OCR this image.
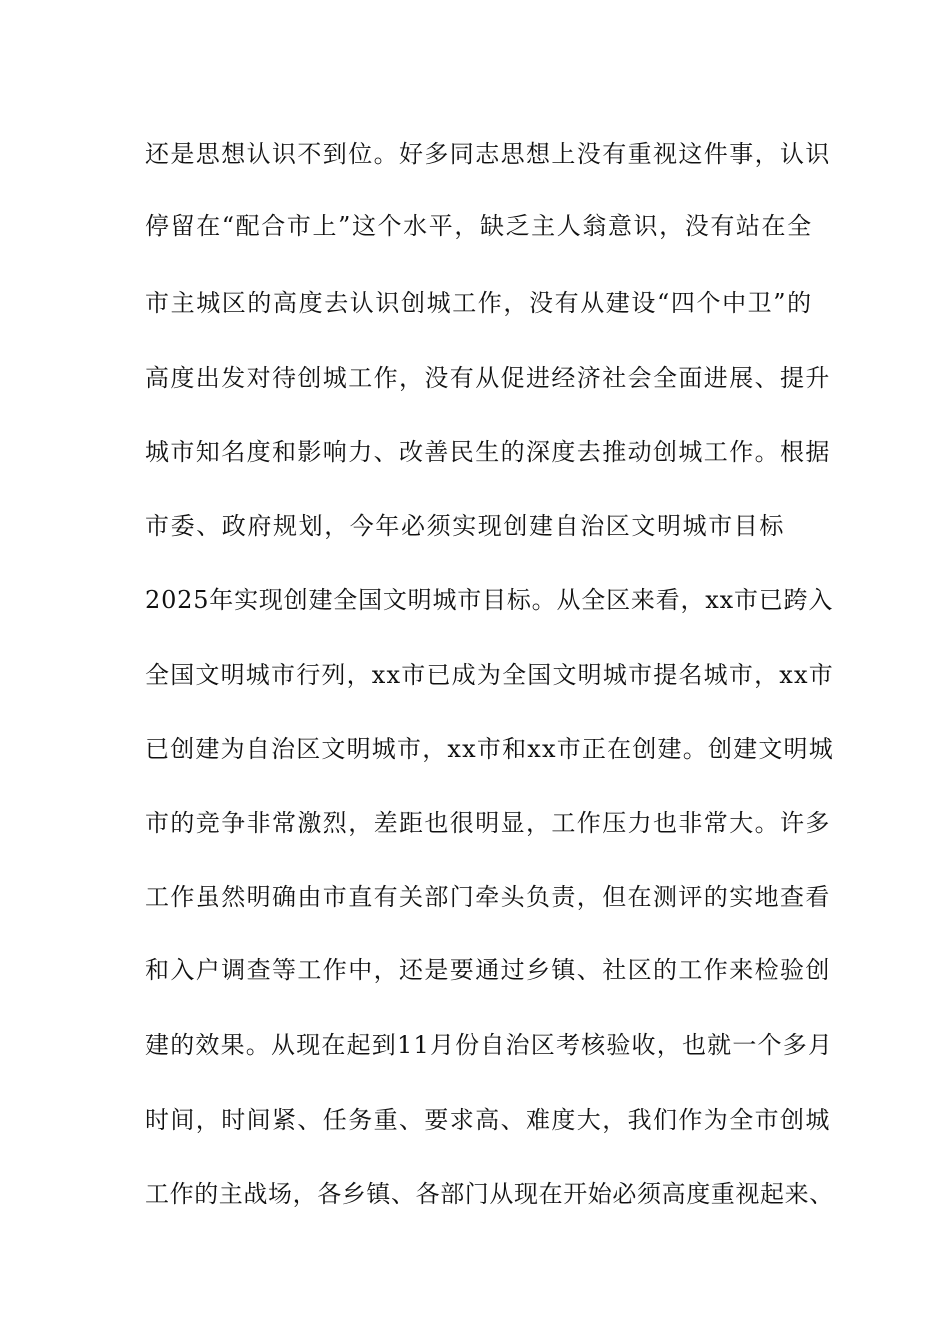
还是思想认识不到位。好多同志思想上没有重视这件事，认识
停留在“配合市上”这个水平，缺乏主人翁意识，没有站在全
市主城区的高度去认识创城工作，没有从建设“四个中卫”的
高度出发对待创城工作，没有从促进经济社会全面进展、提升
城市知名度和影响力、改善民生的深度去推动创城工作。根据
市委、政府规划，今年必须实现创建自治区文明城市目标
2025年实现创建全国文明城市目标。从全区来看，xx市已跨入
全国文明城市行列，xx市已成为全国文明城市提名城市，xx市
已创建为自治区文明城市，xx市和xx市正在创建。创建文明城
市的竞争非常激烈，差距也很明显，工作压力也非常大。许多
工作虽然明确由市直有关部门牵头负责，但在测评的实地查看
和入户调查等工作中，还是要通过乡镇、社区的工作来检验创
建的效果。从现在起到11月份自治区考核验收，也就一个多月
时间，时间紧、任务重、要求高、难度大，我们作为全市创城
工作的主战场，各乡镇、各部门从现在开始必须高度重视起来、
